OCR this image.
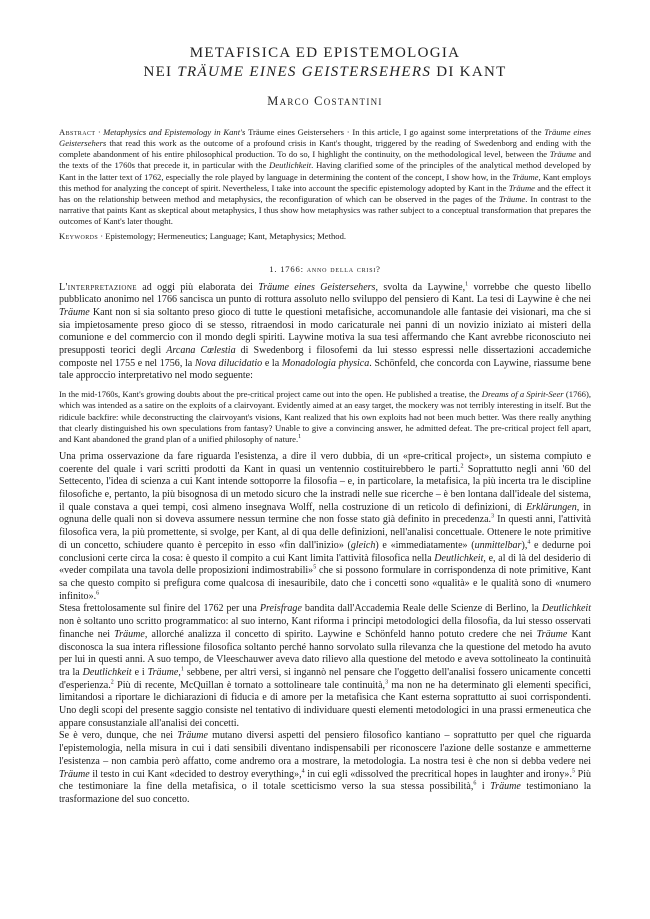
METAFISICA ED EPISTEMOLOGIA
NEI TRÄUME EINES GEISTERSEHERS DI KANT
Marco Costantini

Abstract · Metaphysics and Epistemology in Kant's Träume eines Geistersehers · In this article, I go against some interpretations of the Träume eines Geistersehers that read this work as the outcome of a profound crisis in Kant's thought, triggered by the reading of Swedenborg and ending with the complete abandonment of his entire philosophical production. To do so, I highlight the continuity, on the methodological level, between the Träume and the texts of the 1760s that precede it, in particular with the Deutlichkeit. Having clarified some of the principles of the analytical method developed by Kant in the latter text of 1762, especially the role played by language in determining the content of the concept, I show how, in the Träume, Kant employs this method for analyzing the concept of spirit. Nevertheless, I take into account the specific epistemology adopted by Kant in the Träume and the effect it has on the relationship between method and metaphysics, the reconfiguration of which can be observed in the pages of the Träume. In contrast to the narrative that paints Kant as skeptical about metaphysics, I thus show how metaphysics was rather subject to a conceptual transformation that prepares the outcomes of Kant's later thought.

Keywords · Epistemology; Hermeneutics; Language; Kant, Metaphysics; Method.

1. 1766: anno della crisi?

L'interpretazione ad oggi più elaborata dei Träume eines Geistersehers, svolta da Laywine,$^1$ vorrebbe che questo libello pubblicato anonimo nel 1766 sancisca un punto di rottura assoluto nello sviluppo del pensiero di Kant. La tesi di Laywine è che nei Träume Kant non si sia soltanto preso gioco di tutte le questioni metafisiche, accomunandole alle fantasie dei visionari, ma che si sia impietosamente preso gioco di se stesso, ritraendosi in modo caricaturale nei panni di un novizio iniziato ai misteri della comunione e del commercio con il mondo degli spiriti. Laywine motiva la sua tesi affermando che Kant avrebbe riconosciuto nei presupposti teorici degli Arcana Cœlestia di Swedenborg i filosofemi da lui stesso espressi nelle dissertazioni accademiche composte nel 1755 e nel 1756, la Nova dilucidatio e la Monadologia physica. Schönfeld, che concorda con Laywine, riassume bene tale approccio interpretativo nel modo seguente:

In the mid-1760s, Kant's growing doubts about the pre-critical project came out into the open. He published a treatise, the Dreams of a Spirit-Seer (1766), which was intended as a satire on the exploits of a clairvoyant. Evidently aimed at an easy target, the mockery was not terribly interesting in itself. But the ridicule backfire: while deconstructing the clairvoyant's visions, Kant realized that his own exploits had not been much better. Was there really anything that clearly distinguished his own speculations from fantasy? Unable to give a convincing answer, he admitted defeat. The pre-critical project fell apart, and Kant abandoned the grand plan of a unified philosophy of nature.$^1$

Una prima osservazione da fare riguarda l'esistenza, a dire il vero dubbia, di un «pre-critical project», un sistema compiuto e coerente del quale i vari scritti prodotti da Kant in quasi un ventennio costituirebbero le parti.$^2$ Soprattutto negli anni '60 del Settecento, l'idea di scienza a cui Kant intende sottoporre la filosofia – e, in particolare, la metafisica, la più incerta tra le discipline filosofiche e, pertanto, la più bisognosa di un metodo sicuro che la instradi nelle sue ricerche – è ben lontana dall'ideale del sistema, il quale constava a quei tempi, così almeno insegnava Wolff, nella costruzione di un reticolo di definizioni, di Erklärungen, in ognuna delle quali non si doveva assumere nessun termine che non fosse stato già definito in precedenza.$^3$ In questi anni, l'attività filosofica vera, la più promettente, si svolge, per Kant, al di qua delle definizioni, nell'analisi concettuale. Ottenere le note primitive di un concetto, schiudere quanto è percepito in esso «fin dall'inizio» (gleich) e «immediatamente» (unmittelbar),$^4$ e dedurne poi conclusioni certe circa la cosa: è questo il compito a cui Kant limita l'attività filosofica nella Deutlichkeit, e, al di là del desiderio di «veder compilata una tavola delle proposizioni indimostrabili»$^5$ che si possono formulare in corrispondenza di note primitive, Kant sa che questo compito si prefigura come qualcosa di inesauribile, dato che i concetti sono «qualità» e le qualità sono di «numero infinito».$^6$

Stesa frettolosamente sul finire del 1762 per una Preisfrage bandita dall'Accademia Reale delle Scienze di Berlino, la Deutlichkeit non è soltanto uno scritto programmatico: al suo interno, Kant riforma i principi metodologici della filosofia, da lui stesso osservati finanche nei Träume, allorché analizza il concetto di spirito. Laywine e Schönfeld hanno potuto credere che nei Träume Kant disconosca la sua intera riflessione filosofica soltanto perché hanno sorvolato sulla rilevanza che la questione del metodo ha avuto per lui in questi anni. A suo tempo, de Vleeschauwer aveva dato rilievo alla questione del metodo e aveva sottolineato la continuità tra la Deutlichkeit e i Träume,$^1$ sebbene, per altri versi, si ingannò nel pensare che l'oggetto dell'analisi fossero unicamente concetti d'esperienza.$^2$ Più di recente, McQuillan è tornato a sottolineare tale continuità,$^3$ ma non ne ha determinato gli elementi specifici, limitandosi a riportare le dichiarazioni di fiducia e di amore per la metafisica che Kant esterna soprattutto ai suoi corrispondenti. Uno degli scopi del presente saggio consiste nel tentativo di individuare questi elementi metodologici in una prassi ermeneutica che appare consustanziale all'analisi dei concetti.

Se è vero, dunque, che nei Träume mutano diversi aspetti del pensiero filosofico kantiano – soprattutto per quel che riguarda l'epistemologia, nella misura in cui i dati sensibili diventano indispensabili per riconoscere l'azione delle sostanze e ammetterne l'esistenza – non cambia però affatto, come andremo ora a mostrare, la metodologia. La nostra tesi è che non si debba vedere nei Träume il testo in cui Kant «decided to destroy everything»,$^4$ in cui egli «dissolved the precritical hopes in laughter and irony».$^5$ Più che testimoniare la fine della metafisica, o il totale scetticismo verso la sua stessa possibilità,$^6$ i Träume testimoniano la trasformazione del suo concetto.
